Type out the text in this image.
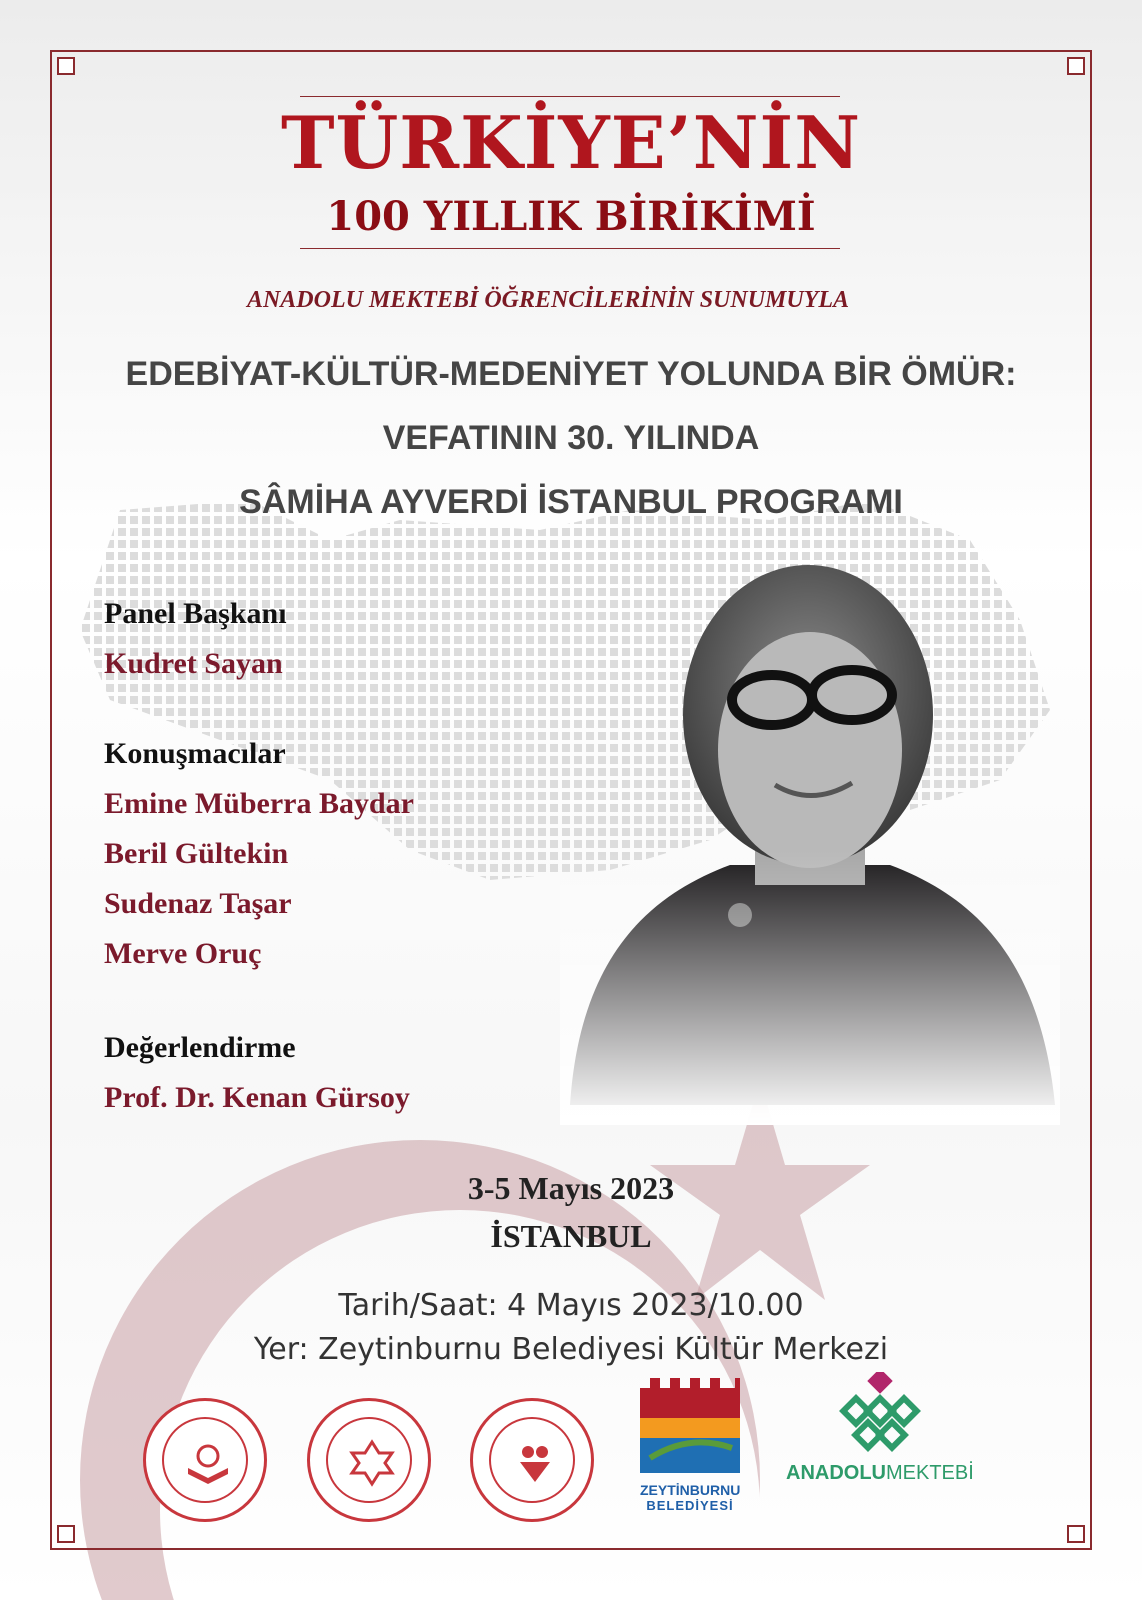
TÜRKİYE’NİN
100 YILLIK BİRİKİMİ
ANADOLU MEKTEBİ ÖĞRENCİLERİNİN SUNUMUYLA
EDEBİYAT-KÜLTÜR-MEDENİYET YOLUNDA BİR ÖMÜR:
VEFATININ 30. YILINDA
SÂMİHA AYVERDİ İSTANBUL PROGRAMI
Panel Başkanı
Kudret Sayan
Konuşmacılar
Emine Müberra Baydar
Beril Gültekin
Sudenaz Taşar
Merve Oruç
Değerlendirme
Prof. Dr. Kenan Gürsoy
3-5 Mayıs 2023
İSTANBUL
Tarih/Saat: 4 Mayıs 2023/10.00
Yer: Zeytinburnu Belediyesi Kültür Merkezi
ZEYTİNBURNU
BELEDİYESİ
ANADOLUMEKTEBİ
